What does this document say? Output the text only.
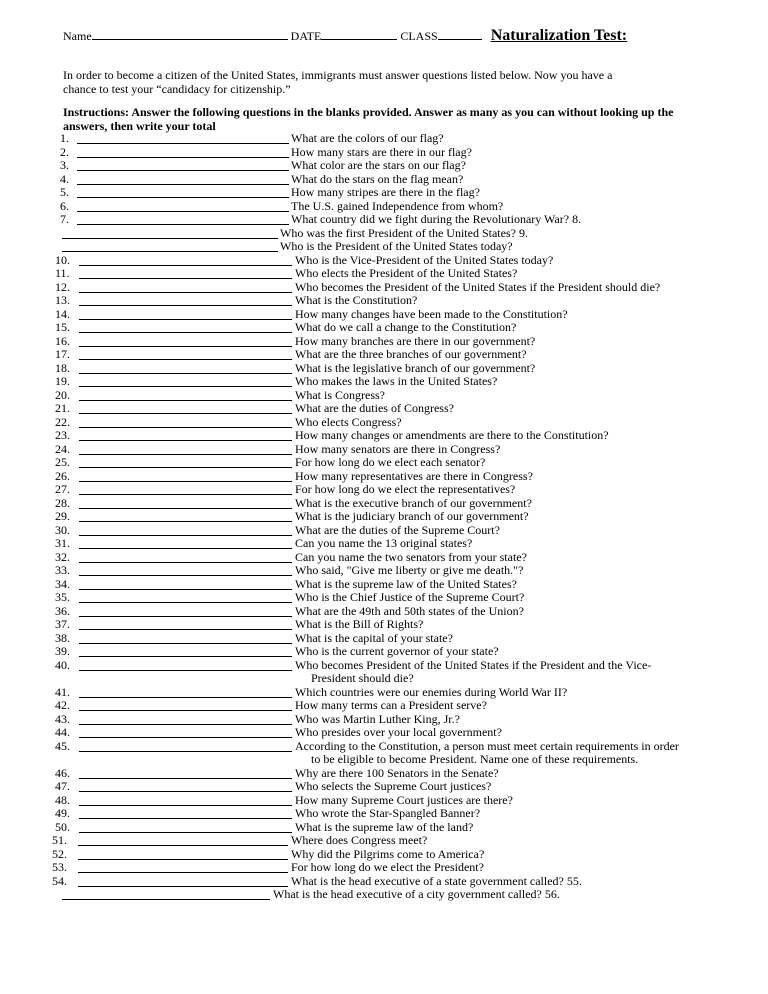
Name	DATE	CLASS	Naturalization Test:
In order to become a citizen of the United States, immigrants must answer questions listed below. Now you have a chance to test your “candidacy for citizenship.”
Instructions: Answer the following questions in the blanks provided. Answer as many as you can without looking up the answers, then write your total
1.	What are the colors of our flag?
2.	How many stars are there in our flag?
3.	What color are the stars on our flag?
4.	What do the stars on the flag mean?
5.	How many stripes are there in the flag?
6.	The U.S. gained Independence from whom?
7.	What country did we fight during the Revolutionary War? 8.
Who was the first President of the United States? 9.
Who is the President of the United States today?
10.	Who is the Vice-President of the United States today?
11.	Who elects the President of the United States?
12.	Who becomes the President of the United States if the President should die?
13.	What is the Constitution?
14.	How many changes have been made to the Constitution?
15.	What do we call a change to the Constitution?
16.	How many branches are there in our government?
17.	What are the three branches of our government?
18.	What is the legislative branch of our government?
19.	Who makes the laws in the United States?
20.	What is Congress?
21.	What are the duties of Congress?
22.	Who elects Congress?
23.	How many changes or amendments are there to the Constitution?
24.	How many senators are there in Congress?
25.	For how long do we elect each senator?
26.	How many representatives are there in Congress?
27.	For how long do we elect the representatives?
28.	What is the executive branch of our government?
29.	What is the judiciary branch of our government?
30.	What are the duties of the Supreme Court?
31.	Can you name the 13 original states?
32.	Can you name the two senators from your state?
33.	Who said, "Give me liberty or give me death."?
34.	What is the supreme law of the United States?
35.	Who is the Chief Justice of the Supreme Court?
36.	What are the 49th and 50th states of the Union?
37.	What is the Bill of Rights?
38.	What is the capital of your state?
39.	Who is the current governor of your state?
40.	Who becomes President of the United States if the President and the Vice-
President should die?
41.	Which countries were our enemies during World War II?
42.	How many terms can a President serve?
43.	Who was Martin Luther King, Jr.?
44.	Who presides over your local government?
45.	According to the Constitution, a person must meet certain requirements in order
to be eligible to become President. Name one of these requirements.
46.	Why are there 100 Senators in the Senate?
47.	Who selects the Supreme Court justices?
48.	How many Supreme Court justices are there?
49.	Who wrote the Star-Spangled Banner?
50.	What is the supreme law of the land?
51.	Where does Congress meet?
52.	Why did the Pilgrims come to America?
53.	For how long do we elect the President?
54.	What is the head executive of a state government called? 55.
What is the head executive of a city government called? 56.
